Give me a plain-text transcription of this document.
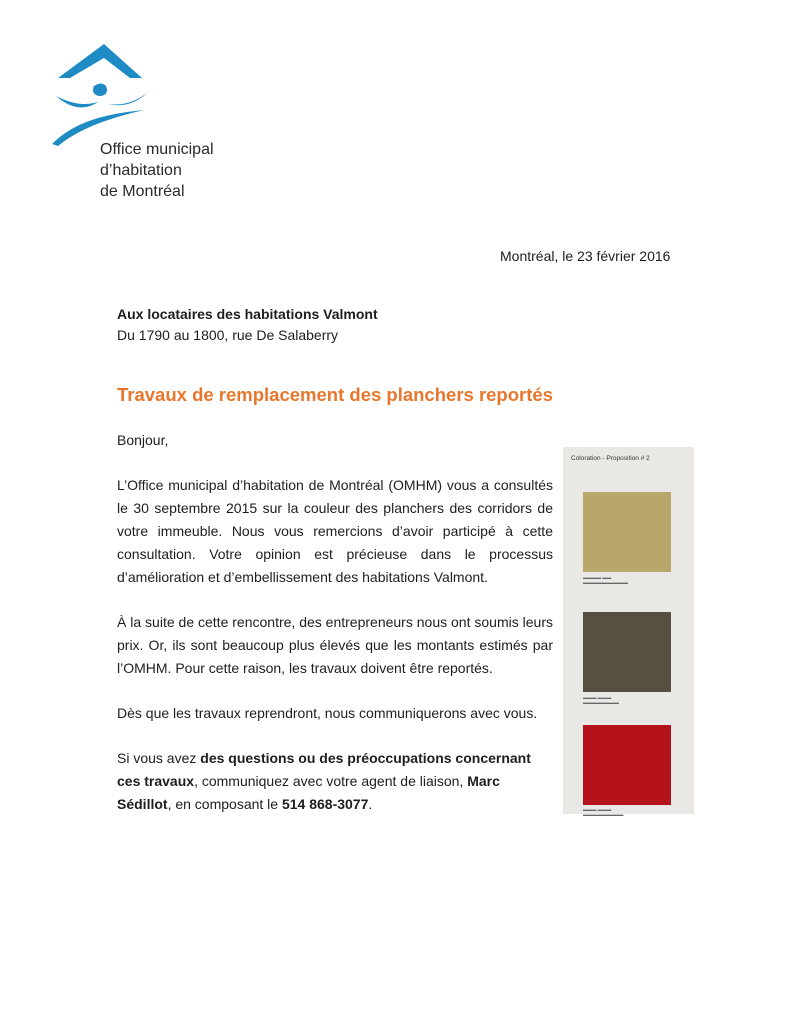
Office municipal
d’habitation
de Montréal
Montréal, le 23 février 2016
Aux locataires des habitations Valmont
Du 1790 au 1800, rue De Salaberry
Travaux de remplacement des planchers reportés

Bonjour,

L’Office municipal d’habitation de Montréal (OMHM) vous a consultés le 30 septembre 2015 sur la couleur des planchers des corridors de votre immeuble. Nous vous remercions d’avoir participé à cette consultation. Votre opinion est précieuse dans le processus d’amélioration et d’embellissement des habitations Valmont.

À la suite de cette rencontre, des entrepreneurs nous ont soumis leurs prix. Or, ils sont beaucoup plus élevés que les montants estimés par l’OMHM. Pour cette raison, les travaux doivent être reportés.

Dès que les travaux reprendront, nous communiquerons avec vous.

Si vous avez des questions ou des préoccupations concernant ces travaux, communiquez avec votre agent de liaison, Marc Sédillot, en composant le 514 868-3077.

Coloration - Proposition # 2
▬▬▬▬ ▬▬
▬▬▬▬▬▬▬▬▬▬
▬▬▬ ▬▬▬
▬▬▬▬▬▬▬▬
▬▬▬ ▬▬▬
▬▬▬▬▬▬▬▬▬
